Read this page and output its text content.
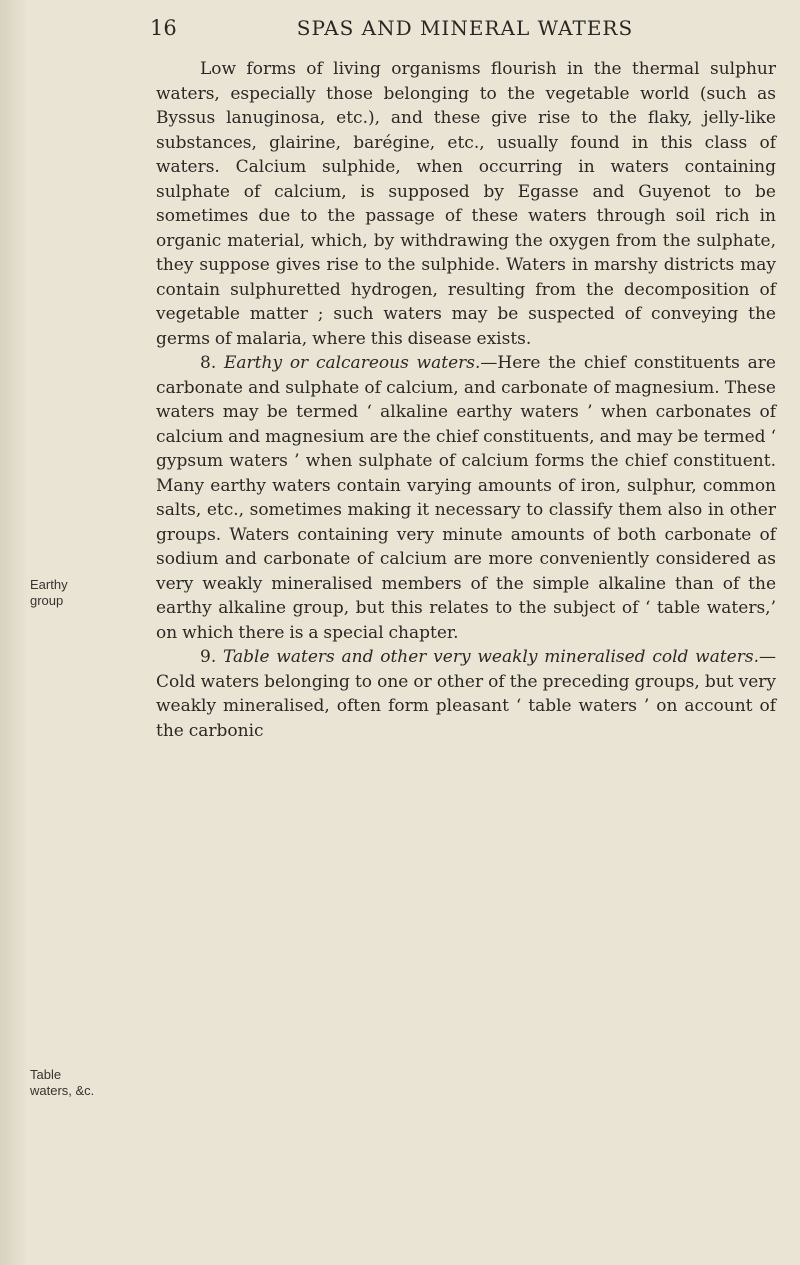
16	SPAS AND MINERAL WATERS
Earthy
group
Table
waters, &c.

Low forms of living organisms flourish in the thermal sulphur waters, especially those belonging to the vegetable world (such as Byssus lanuginosa, etc.), and these give rise to the flaky, jelly-like substances, glairine, barégine, etc., usually found in this class of waters. Calcium sulphide, when occurring in waters containing sulphate of calcium, is supposed by Egasse and Guyenot to be sometimes due to the passage of these waters through soil rich in organic material, which, by withdrawing the oxygen from the sulphate, they suppose gives rise to the sulphide. Waters in marshy districts may contain sulphuretted hydrogen, resulting from the decomposition of vegetable matter ; such waters may be suspected of conveying the germs of malaria, where this disease exists.

8. Earthy or calcareous waters.—Here the chief constituents are carbonate and sulphate of calcium, and carbonate of magnesium. These waters may be termed ‘ alkaline earthy waters ’ when carbonates of calcium and magnesium are the chief constituents, and may be termed ‘ gypsum waters ’ when sulphate of calcium forms the chief constituent. Many earthy waters contain varying amounts of iron, sulphur, common salts, etc., sometimes making it necessary to classify them also in other groups. Waters containing very minute amounts of both carbonate of sodium and carbonate of calcium are more conveniently considered as very weakly mineralised members of the simple alkaline than of the earthy alkaline group, but this relates to the subject of ‘ table waters,’ on which there is a special chapter.

9. Table waters and other very weakly mineralised cold waters.—Cold waters belonging to one or other of the preceding groups, but very weakly mineralised, often form pleasant ‘ table waters ’ on account of the carbonic
